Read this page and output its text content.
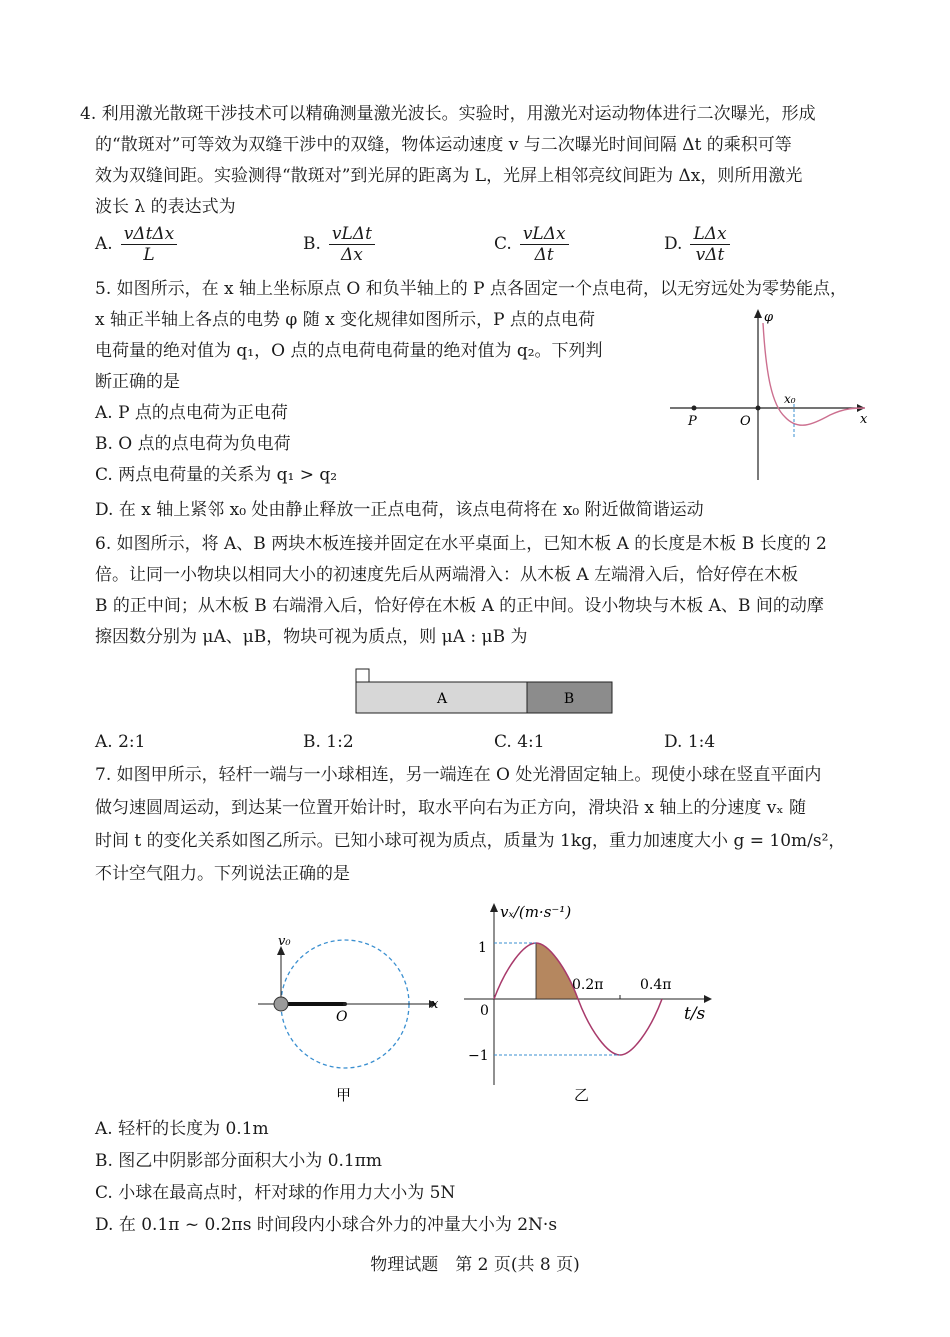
4. 利用激光散斑干涉技术可以精确测量激光波长。实验时，用激光对运动物体进行二次曝光，形成
的“散斑对”可等效为双缝干涉中的双缝，物体运动速度 v 与二次曝光时间间隔 Δt 的乘积可等
效为双缝间距。实验测得“散斑对”到光屏的距离为 L，光屏上相邻亮纹间距为 Δx，则所用激光
波长 λ 的表达式为
A. $\frac{\text{vΔtΔx}}{L}$	B. $\frac{\text{vLΔt}}{\Delta x}$	C. $\frac{\text{vLΔx}}{\Delta t}$	D. $\frac{\text{LΔx}}{\text{vΔt}}$
5. 如图所示，在 x 轴上坐标原点 O 和负半轴上的 P 点各固定一个点电荷，以无穷远处为零势能点，
x 轴正半轴上各点的电势 φ 随 x 变化规律如图所示，P 点的点电荷
电荷量的绝对值为 q₁，O 点的点电荷电荷量的绝对值为 q₂。下列判
断正确的是
A. P 点的点电荷为正电荷
B. O 点的点电荷为负电荷
C. 两点电荷量的关系为 q₁ > q₂
D. 在 x 轴上紧邻 x₀ 处由静止释放一正点电荷，该点电荷将在 x₀ 附近做简谐运动
φ
x
x₀
P	O
6. 如图所示，将 A、B 两块木板连接并固定在水平桌面上，已知木板 A 的长度是木板 B 长度的 2
倍。让同一小物块以相同大小的初速度先后从两端滑入：从木板 A 左端滑入后，恰好停在木板
B 的正中间；从木板 B 右端滑入后，恰好停在木板 A 的正中间。设小物块与木板 A、B 间的动摩
擦因数分别为 μA、μB，物块可视为质点，则 μA : μB 为
A	B
A. 2:1	B. 1:2	C. 4:1	D. 1:4
7. 如图甲所示，轻杆一端与一小球相连，另一端连在 O 处光滑固定轴上。现使小球在竖直平面内
做匀速圆周运动，到达某一位置开始计时，取水平向右为正方向，滑块沿 x 轴上的分速度 vₓ 随
时间 t 的变化关系如图乙所示。已知小球可视为质点，质量为 1kg，重力加速度大小 g = 10m/s²，
不计空气阻力。下列说法正确的是
v₀
x
O
甲
1
−1
0
0.2π	0.4π
vₓ/(m·s⁻¹)
t/s
乙
A. 轻杆的长度为 0.1m
B. 图乙中阴影部分面积大小为 0.1πm
C. 小球在最高点时，杆对球的作用力大小为 5N
D. 在 0.1π ~ 0.2πs 时间段内小球合外力的冲量大小为 2N·s
物理试题　第 2 页(共 8 页)
